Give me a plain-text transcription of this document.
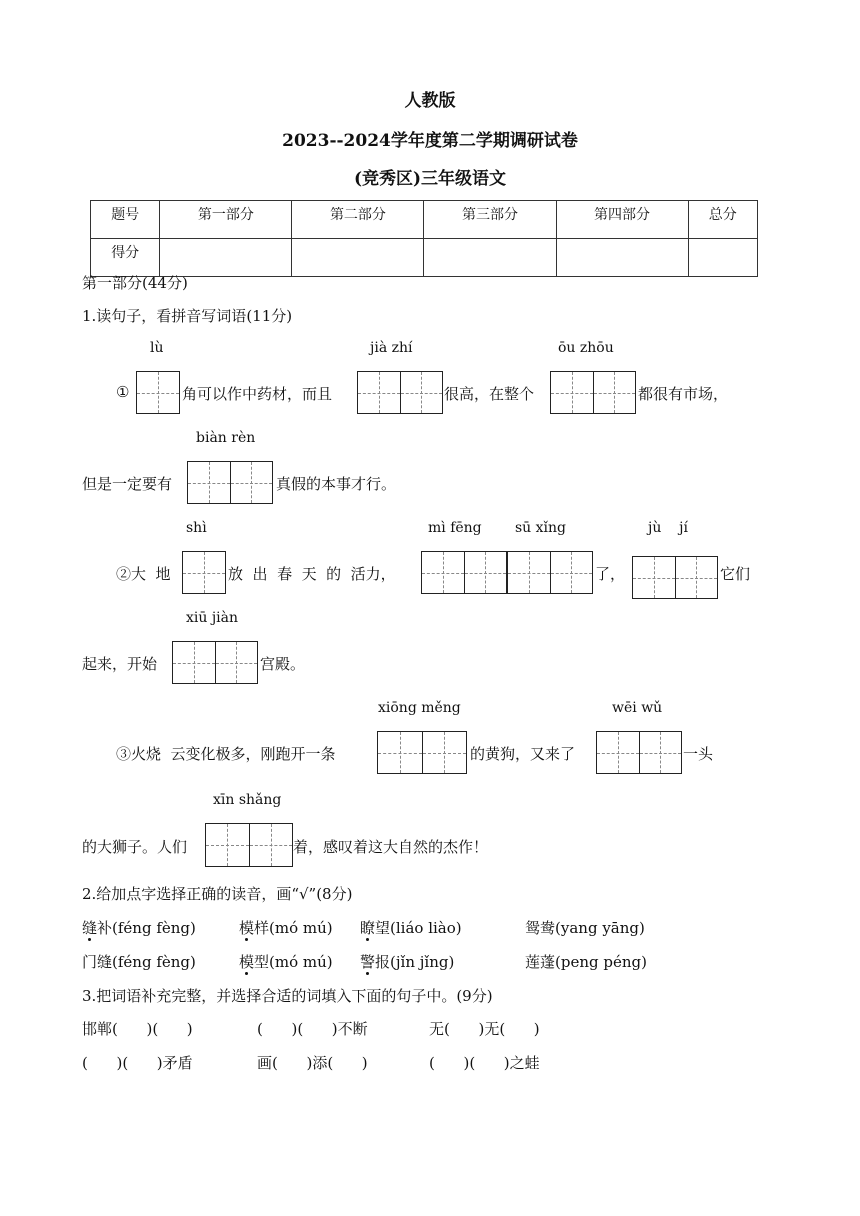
人教版
2023--2024学年度第二学期调研试卷
(竞秀区)三年级语文
题号	第一部分	第二部分	第三部分	第四部分	总分
得分					
第一部分(44分)
1.读句子，看拼音写词语(11分)
lù	jià zhí	ōu zhōu
①	角可以作中药材，而且	很高，在整个	都很有市场，
biàn rèn
但是一定要有	真假的本事才行。
shì	mì fēng sū xǐng	jù    jí
②大  地	放  出  春  天  的  活力，	了，	它们
xiū jiàn
起来，开始	宫殿。
xiōng měng	wēi wǔ
③火烧  云变化极多，刚跑开一条	的黄狗，又来了	一头
xīn shǎng
的大狮子。人们	着，感叹着这大自然的杰作！
2.给加点字选择正确的读音，画“√”(8分)
缝补(féng fèng)	模样(mó mú) 瞭望(liáo liào)	鸳鸯(yang yāng)
门缝(féng fèng)	模型(mó mú) 警报(jǐn jǐng)	莲蓬(peng péng)
3.把词语补充完整，并选择合适的词填入下面的句子中。(9分)
邯郸(      )(      )	(      )(      )不断	无(      )无(      )
(      )(      )矛盾	画(      )添(      )	(      )(      )之蛙
